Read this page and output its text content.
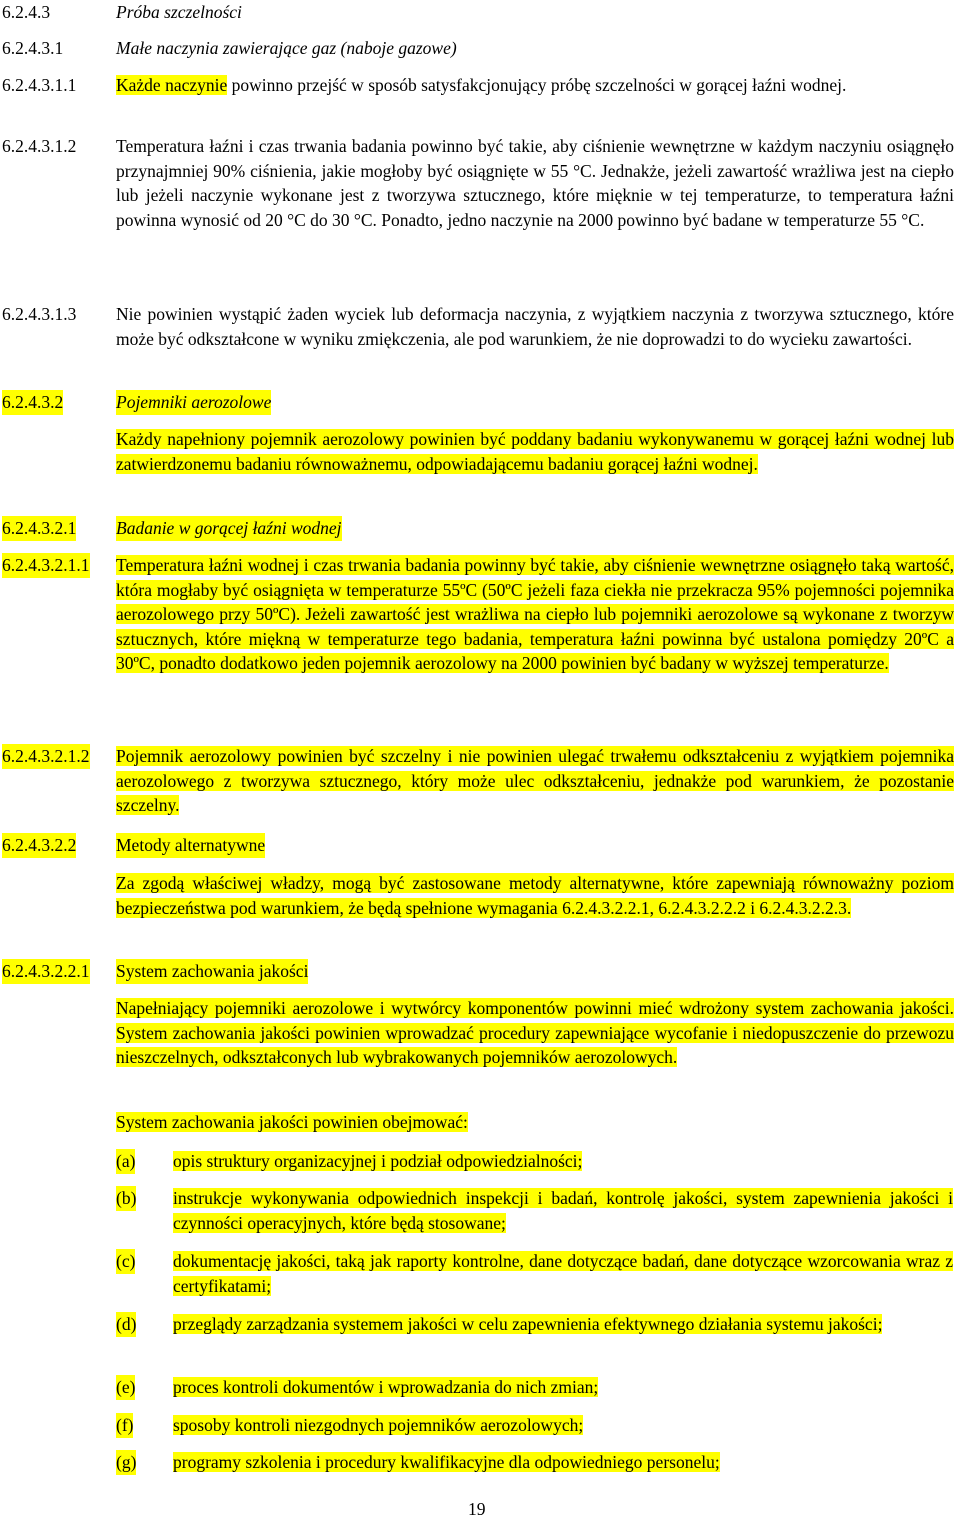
6.2.4.3	Próba szczelności
6.2.4.3.1	Małe naczynia zawierające gaz (naboje gazowe)
6.2.4.3.1.1 Każde naczynie powinno przejść w sposób satysfakcjonujący próbę szczelności w gorącej łaźni wodnej.
6.2.4.3.1.2 Temperatura łaźni i czas trwania badania powinno być takie, aby ciśnienie wewnętrzne w każdym naczyniu osiągnęło przynajmniej 90% ciśnienia, jakie mogłoby być osiągnięte w 55 °C. Jednakże, jeżeli zawartość wrażliwa jest na ciepło lub jeżeli naczynie wykonane jest z tworzywa sztucznego, które mięknie w tej temperaturze, to temperatura łaźni powinna wynosić od 20 °C do 30 °C. Ponadto, jedno naczynie na 2000 powinno być badane w temperaturze 55 °C.
6.2.4.3.1.3 Nie powinien wystąpić żaden wyciek lub deformacja naczynia, z wyjątkiem naczynia z tworzywa sztucznego, które może być odkształcone w wyniku zmiękczenia, ale pod warunkiem, że nie doprowadzi to do wycieku zawartości.
6.2.4.3.2	Pojemniki aerozolowe
Każdy napełniony pojemnik aerozolowy powinien być poddany badaniu wykonywanemu w gorącej łaźni wodnej lub zatwierdzonemu badaniu równoważnemu, odpowiadającemu badaniu gorącej łaźni wodnej.
6.2.4.3.2.1 Badanie w gorącej łaźni wodnej
6.2.4.3.2.1.1 Temperatura łaźni wodnej i czas trwania badania powinny być takie, aby ciśnienie wewnętrzne osiągnęło taką wartość, która mogłaby być osiągnięta w temperaturze 55ºC (50ºC jeżeli faza ciekła nie przekracza 95% pojemności pojemnika aerozolowego przy 50ºC). Jeżeli zawartość jest wrażliwa na ciepło lub pojemniki aerozolowe są wykonane z tworzyw sztucznych, które miękną w temperaturze tego badania, temperatura łaźni powinna być ustalona pomiędzy 20ºC a 30ºC, ponadto dodatkowo jeden pojemnik aerozolowy na 2000 powinien być badany w wyższej temperaturze.
6.2.4.3.2.1.2 Pojemnik aerozolowy powinien być szczelny i nie powinien ulegać trwałemu odkształceniu z wyjątkiem pojemnika aerozolowego z tworzywa sztucznego, który może ulec odkształceniu, jednakże pod warunkiem, że pozostanie szczelny.
6.2.4.3.2.2 Metody alternatywne
Za zgodą właściwej władzy, mogą być zastosowane metody alternatywne, które zapewniają równoważny poziom bezpieczeństwa pod warunkiem, że będą spełnione wymagania 6.2.4.3.2.2.1, 6.2.4.3.2.2.2 i 6.2.4.3.2.2.3.
6.2.4.3.2.2.1 System zachowania jakości
Napełniający pojemniki aerozolowe i wytwórcy komponentów powinni mieć wdrożony system zachowania jakości. System zachowania jakości powinien wprowadzać procedury zapewniające wycofanie i niedopuszczenie do przewozu nieszczelnych, odkształconych lub wybrakowanych pojemników aerozolowych.
System zachowania jakości powinien obejmować:
(a) opis struktury organizacyjnej i podział odpowiedzialności;
(b) instrukcje wykonywania odpowiednich inspekcji i badań, kontrolę jakości, system zapewnienia jakości i czynności operacyjnych, które będą stosowane;
(c) dokumentację jakości, taką jak raporty kontrolne, dane dotyczące badań, dane dotyczące wzorcowania wraz z certyfikatami;
(d) przeglądy zarządzania systemem jakości w celu zapewnienia efektywnego działania systemu jakości;
(e) proces kontroli dokumentów i wprowadzania do nich zmian;
(f) sposoby kontroli niezgodnych pojemników aerozolowych;
(g) programy szkolenia i procedury kwalifikacyjne dla odpowiedniego personelu;
19
